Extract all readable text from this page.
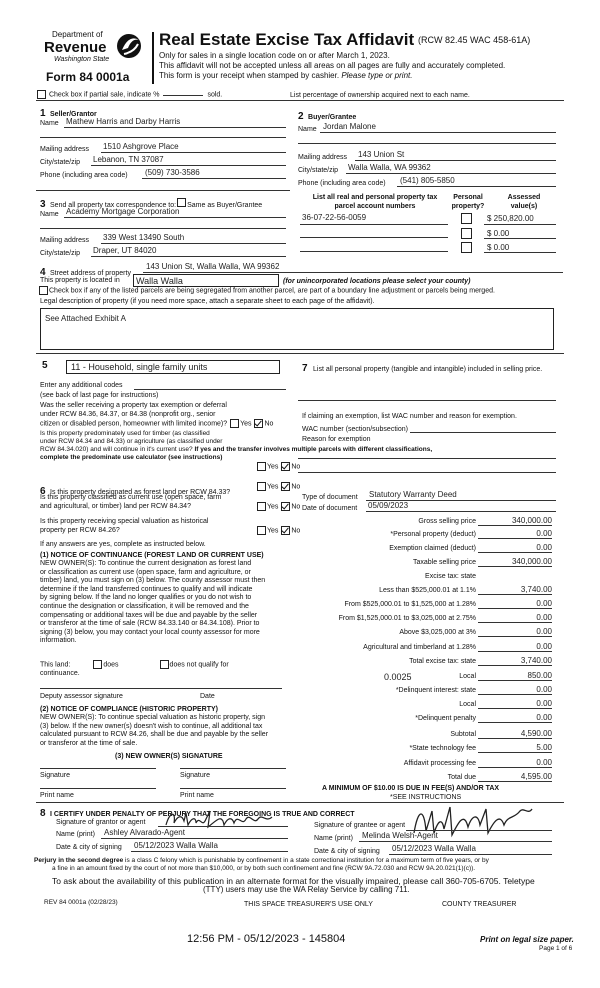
Department of
Revenue
Washington State
Form 84 0001a
Real Estate Excise Tax Affidavit (RCW 82.45 WAC 458-61A)
Only for sales in a single location code on or after March 1, 2023.
This affidavit will not be accepted unless all areas on all pages are fully and accurately completed.
This form is your receipt when stamped by cashier. Please type or print.
Check box if partial sale, indicate %	sold.	List percentage of ownership acquired next to each name.
1 Seller/Grantor
Name Mathew Harris and Darby Harris
Mailing address 1510 Ashgrove Place
City/state/zip Lebanon, TN 37087
Phone (including area code) (509) 730-3586
2 Buyer/Grantee
Name Jordan Malone
Mailing address 143 Union St
City/state/zip Walla Walla, WA 99362
Phone (including area code) (541) 805-5850
3 Send all property tax correspondence to: Same as Buyer/Grantee
Name Academy Mortgage Corporation
Mailing address 339 West 13490 South
City/state/zip Draper, UT 84020
List all real and personal property tax parcel account numbers
Personal property?
Assessed value(s)
36-07-22-56-0059	$ 250,820.00
$ 0.00
$ 0.00
4 Street address of property
143 Union St, Walla Walla, WA 99362
This property is located in Walla Walla	(for unincorporated locations please select your county)
Check box if any of the listed parcels are being segregated from another parcel, are part of a boundary line adjustment or parcels being merged.
Legal description of property (if you need more space, attach a separate sheet to each page of the affidavit).
See Attached Exhibit A
5	11 - Household, single family units
Enter any additional codes
(see back of last page for instructions)
Was the seller receiving a property tax exemption or deferral
under RCW 84.36, 84.37, or 84.38 (nonprofit org., senior
citizen or disabled person, homeowner with limited income)? Yes No
Is this property predominately used for timber (as classified
under RCW 84.34 and 84.33) or agriculture (as classified under
RCW 84.34.020) and will continue in it's current use? If yes and the transfer involves multiple parcels with different classifications,
complete the predominate use calculator (see instructions)
Yes No
6 Is this property designated as forest land per RCW 84.33?
Yes No
Is this property classified as current use (open space, farm
and agricultural, or timber) land per RCW 84.34?	Yes No
Is this property receiving special valuation as historical
property per RCW 84.26?	Yes No
If any answers are yes, complete as instructed below.
(1) NOTICE OF CONTINUANCE (FOREST LAND OR CURRENT USE)
NEW OWNER(S): To continue the current designation as forest land
or classification as current use (open space, farm and agriculture, or
timber) land, you must sign on (3) below. The county assessor must then
determine if the land transferred continues to qualify and will indicate
by signing below. If the land no longer qualifies or you do not wish to
continue the designation or classification, it will be removed and the
compensating or additional taxes will be due and payable by the seller
or transferor at the time of sale (RCW 84.33.140 or 84.34.108). Prior to
signing (3) below, you may contact your local county assessor for more
information.
This land:	does	does not qualify for
continuance.
Deputy assessor signature	Date
(2) NOTICE OF COMPLIANCE (HISTORIC PROPERTY)
NEW OWNER(S): To continue special valuation as historic property, sign
(3) below. If the new owner(s) doesn't wish to continue, all additional tax
calculated pursuant to RCW 84.26, shall be due and payable by the seller
or transferor at the time of sale.
(3) NEW OWNER(S) SIGNATURE
Signature	Signature
Print name	Print name
7 List all personal property (tangible and intangible) included in selling price.
If claiming an exemption, list WAC number and reason for exemption.
WAC number (section/subsection)
Reason for exemption
Type of document Statutory Warranty Deed
Date of document 05/09/2023
Gross selling price	340,000.00
*Personal property (deduct)	0.00
Exemption claimed (deduct)	0.00
Taxable selling price	340,000.00
Excise tax: state
Less than $525,000.01 at 1.1%	3,740.00
From $525,000.01 to $1,525,000 at 1.28%	0.00
From $1,525,000.01 to $3,025,000 at 2.75%	0.00
Above $3,025,000 at 3%	0.00
Agricultural and timberland at 1.28%	0.00
Total excise tax: state	3,740.00
Local	850.00
*Delinquent interest: state	0.00
Local	0.00
*Delinquent penalty	0.00
Subtotal	4,590.00
*State technology fee	5.00
Affidavit processing fee	0.00
Total due	4,595.00
0.0025
A MINIMUM OF $10.00 IS DUE IN FEE(S) AND/OR TAX
*SEE INSTRUCTIONS
8 I CERTIFY UNDER PENALTY OF PERJURY THAT THE FOREGOING IS TRUE AND CORRECT
Signature of grantor or agent
Name (print) Ashley Alvarado-Agent
Date & city of signing 05/12/2023 Walla Walla
Signature of grantee or agent
Name (print) Melinda Welsh-Agent
Date & city of signing 05/12/2023 Walla Walla
Perjury in the second degree is a class C felony which is punishable by confinement in a state correctional institution for a maximum term of five years, or by
a fine in an amount fixed by the court of not more than $10,000, or by both such confinement and fine (RCW 9A.72.030 and RCW 9A.20.021(1)(c)).
To ask about the availability of this publication in an alternate format for the visually impaired, please call 360-705-6705. Teletype
(TTY) users may use the WA Relay Service by calling 711.
REV 84 0001a (02/28/23)	THIS SPACE TREASURER'S USE ONLY	COUNTY TREASURER
12:56 PM - 05/12/2023 - 145804	Print on legal size paper.
Page 1 of 6
